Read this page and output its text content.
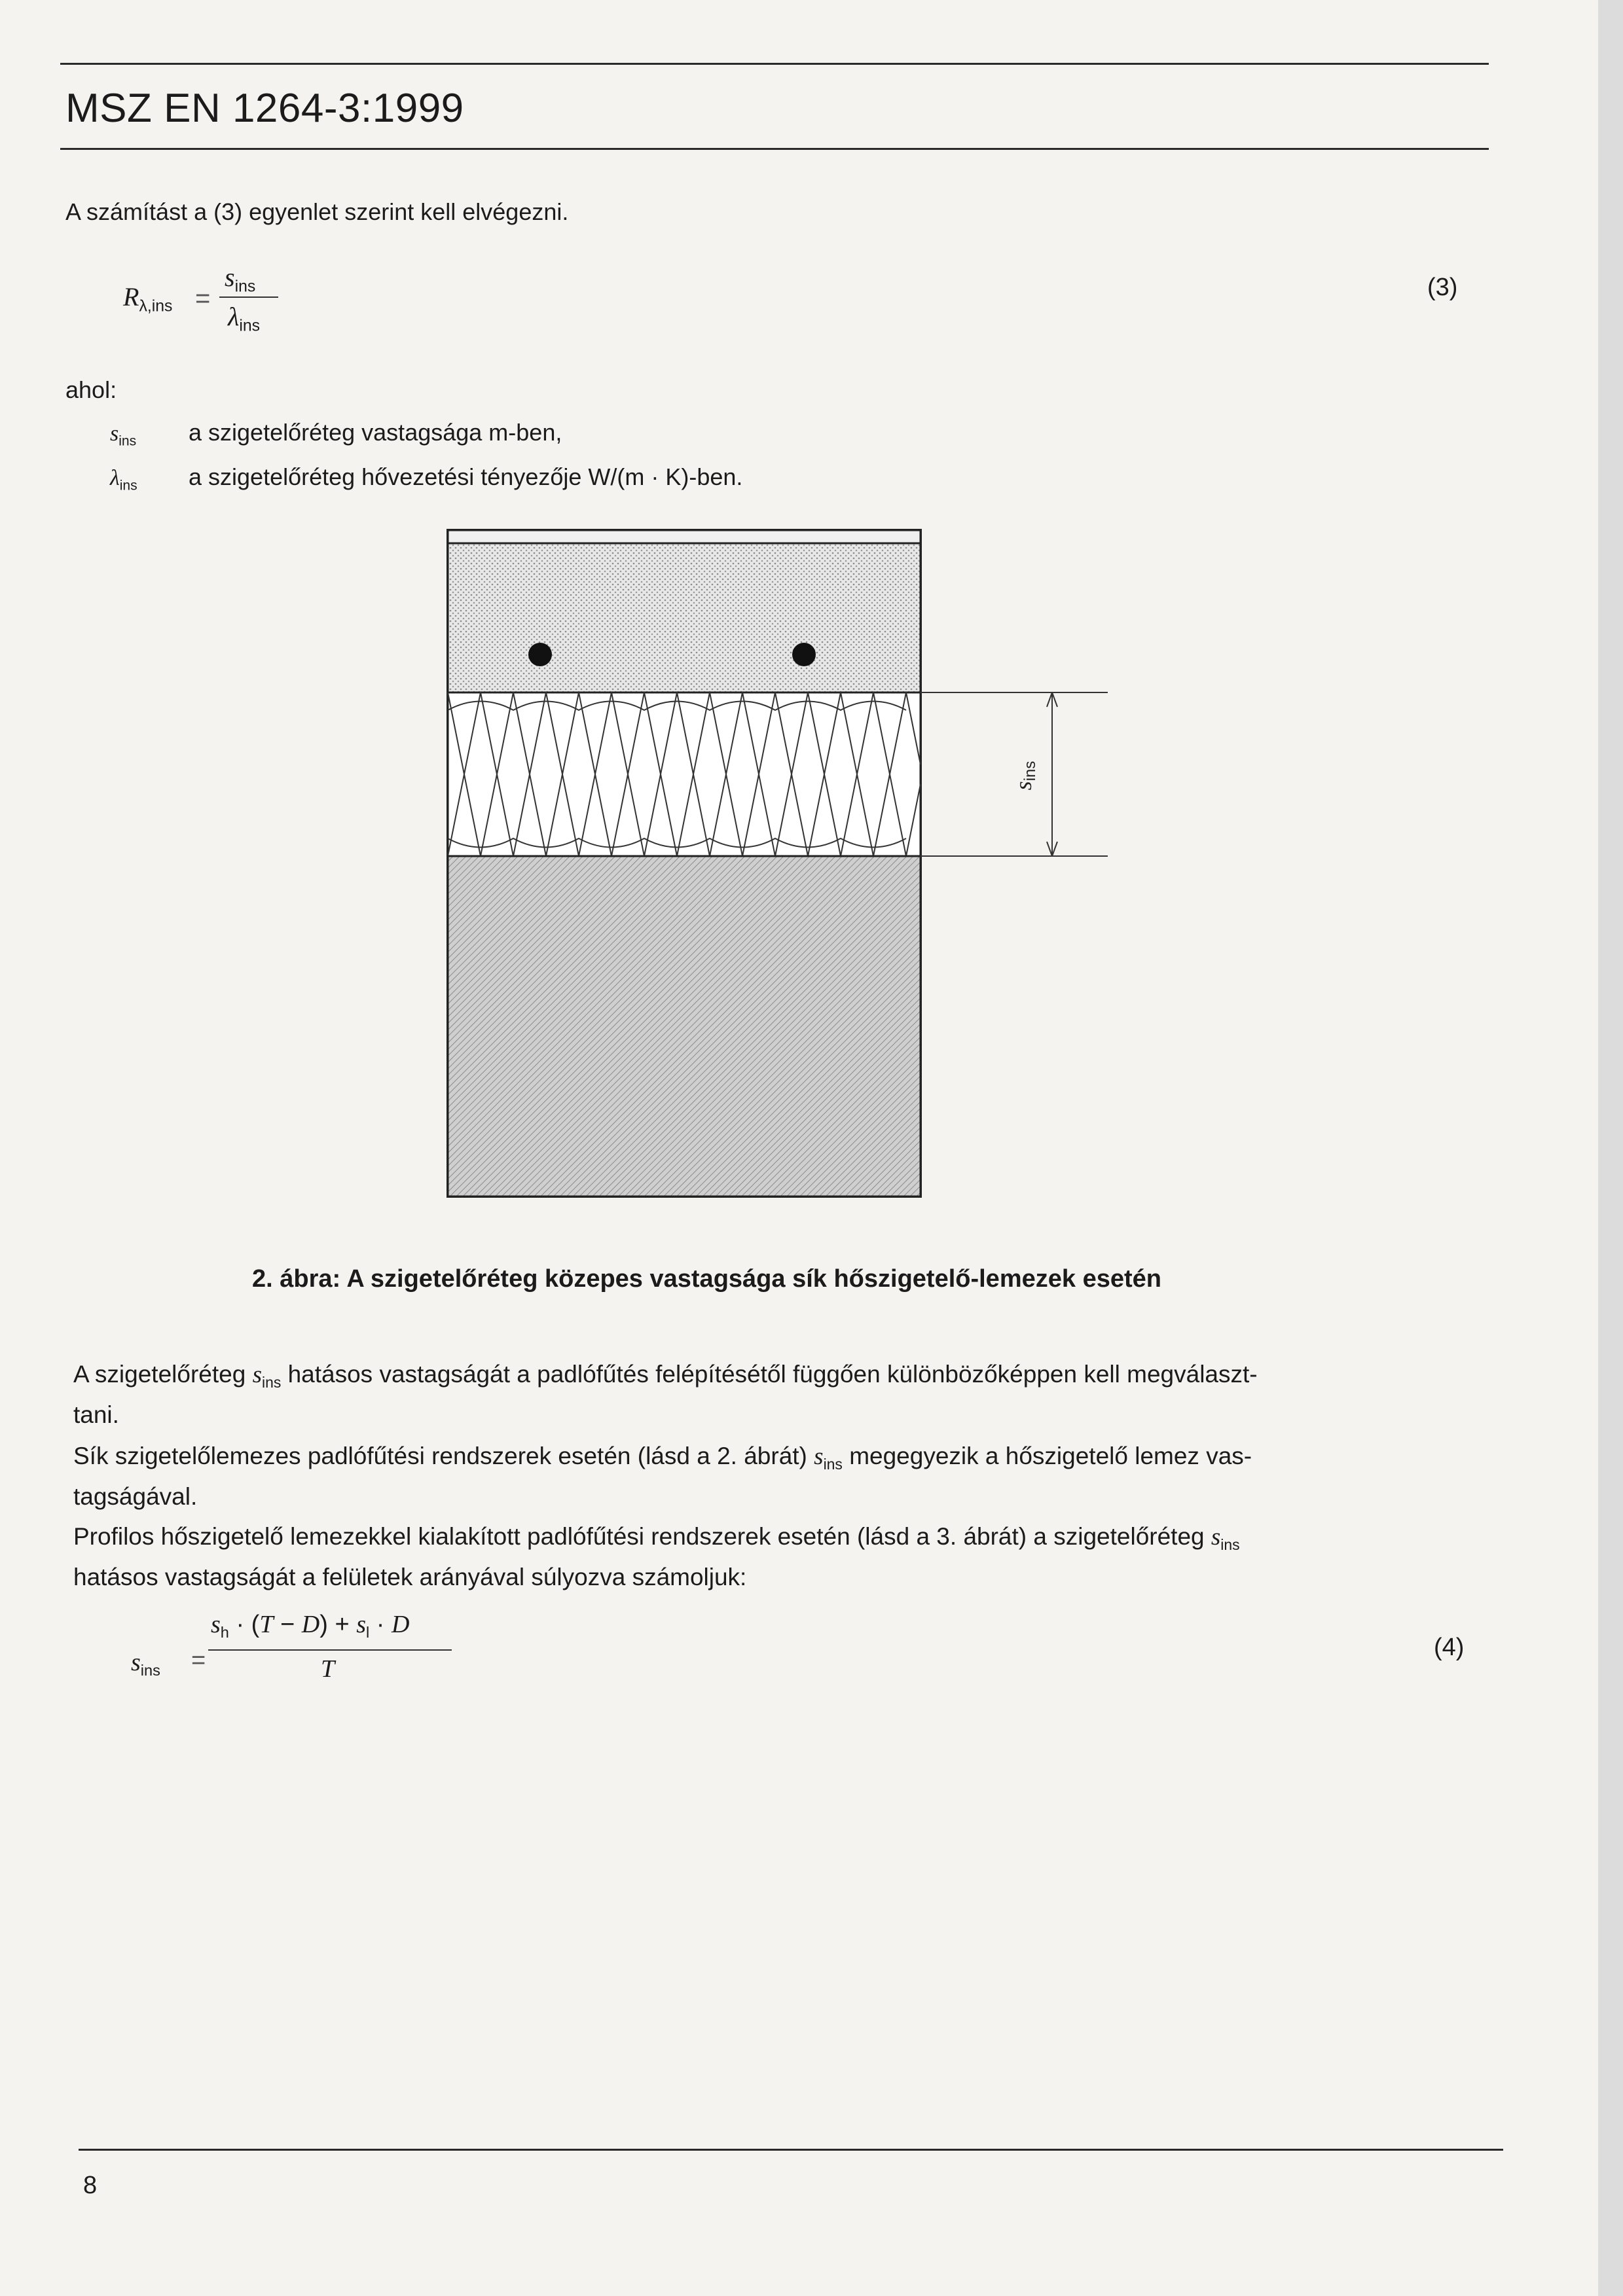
MSZ EN 1264-3:1999
A számítást a (3) egyenlet szerint kell elvégezni.
$R_{\lambda,ins}$ =
$s_{ins}$
$\lambda_{ins}$
(3)
ahol:
$s_{ins}$ a szigetelőréteg vastagsága m-ben,
$\lambda_{ins}$ a szigetelőréteg hővezetési tényezője W/(m · K)-ben.
sins
2. ábra: A szigetelőréteg közepes vastagsága sík hőszigetelő-lemezek esetén
A szigetelőréteg $s_{ins}$ hatásos vastagságát a padlófűtés felépítésétől függően különbözőképpen kell megválaszt-
tani.
Sík szigetelőlemezes padlófűtési rendszerek esetén (lásd a 2. ábrát) $s_{ins}$ megegyezik a hőszigetelő lemez vas-
tagságával.
Profilos hőszigetelő lemezekkel kialakított padlófűtési rendszerek esetén (lásd a 3. ábrát) a szigetelőréteg $s_{ins}$
hatásos vastagságát a felületek arányával súlyozva számoljuk:
$s_{ins}$ =
$s_h \cdot (T - D) + s_l \cdot D$
T
(4)
8
